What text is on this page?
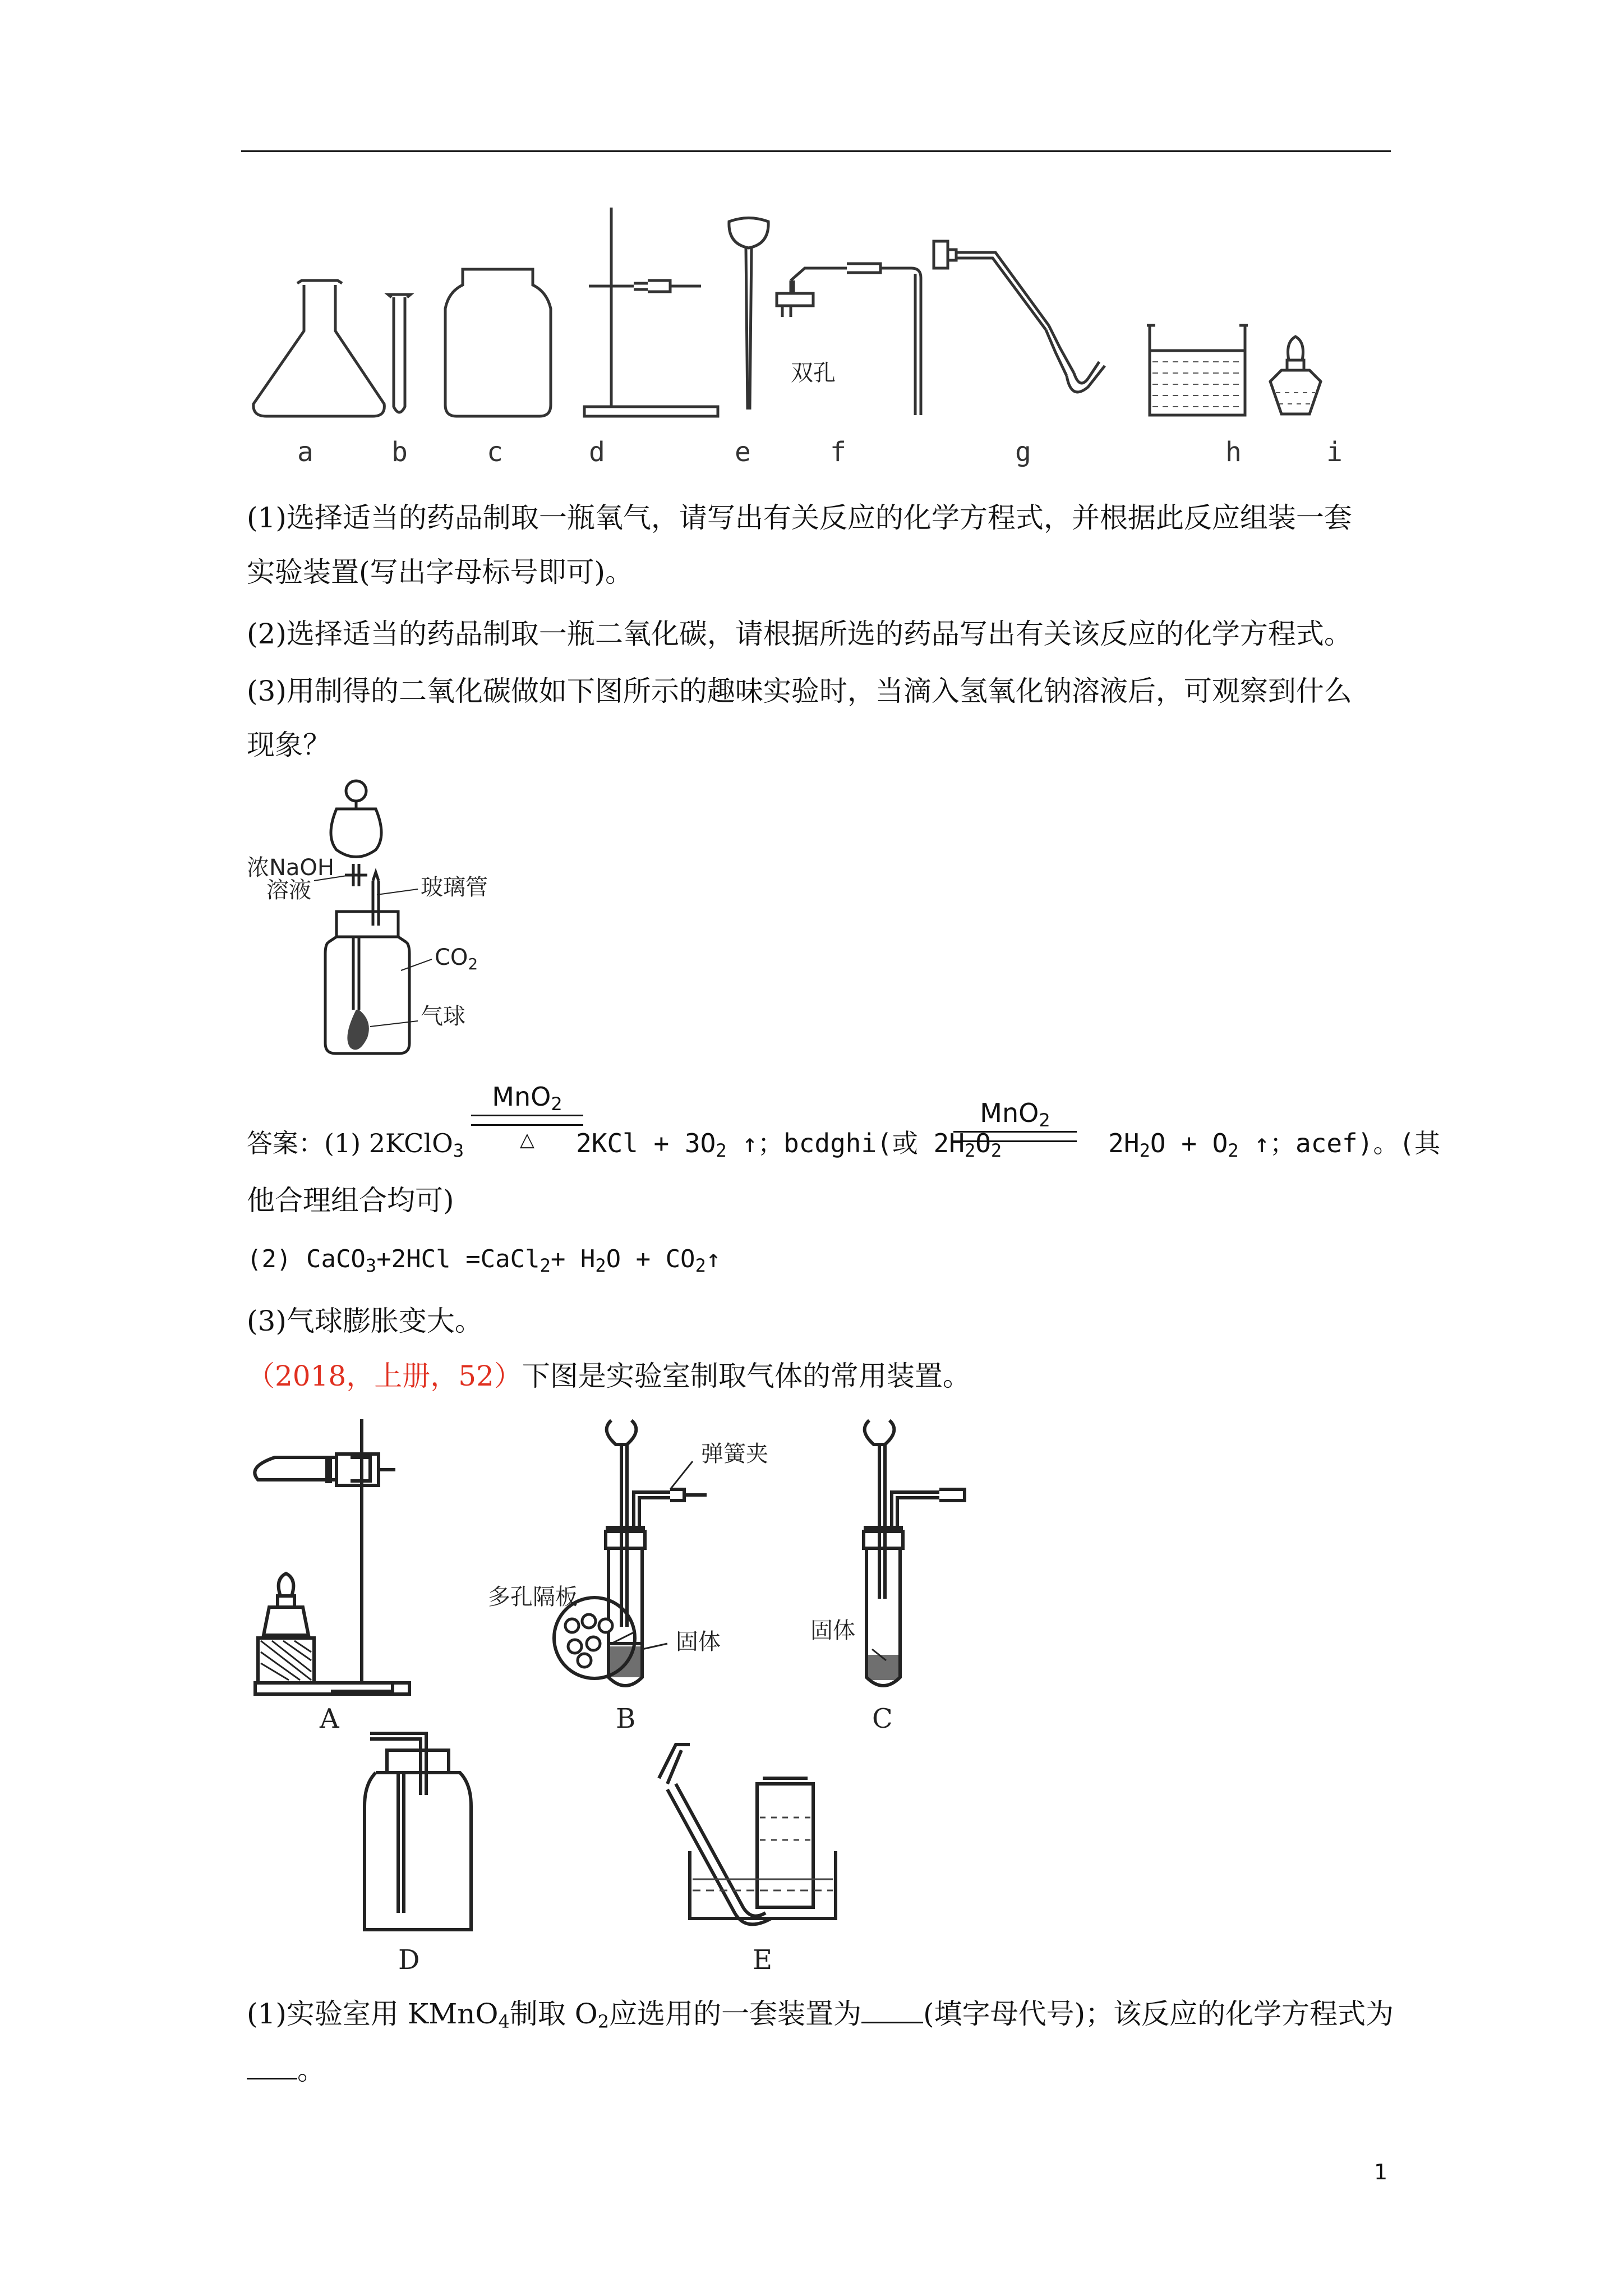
双孔
a	b	c	d	e	f	g	h	i
(1)选择适当的药品制取一瓶氧气，请写出有关反应的化学方程式，并根据此反应组装一套
实验装置(写出字母标号即可)。
(2)选择适当的药品制取一瓶二氧化碳，请根据所选的药品写出有关该反应的化学方程式。
(3)用制得的二氧化碳做如下图所示的趣味实验时，当滴入氢氧化钠溶液后，可观察到什么
现象？
浓NaOH
溶液	玻璃管
$CO_2$
气球
MnO$_2$
△
MnO$_2$
答案：(1) 2KClO$_3$	$2KCl + 3O_2$ ↑；bcdghi(或 $2H_2O_2$	$2H_2O + O_2$ ↑；acef)。(其
他合理组合均可)
(2) CaCO$_3$+2HCl =CaCl$_2$+ $H_2O$ + $CO_2↑$
(3)气球膨胀变大。
（2018，上册，52）下图是实验室制取气体的常用装置。
弹簧夹
多孔隔板
固体	固体
A	B	C
D	E
(1)实验室用 KMnO$_4$制取 $O_2$应选用的一套装置为 (填字母代号)；该反应的化学方程式为
。
1
